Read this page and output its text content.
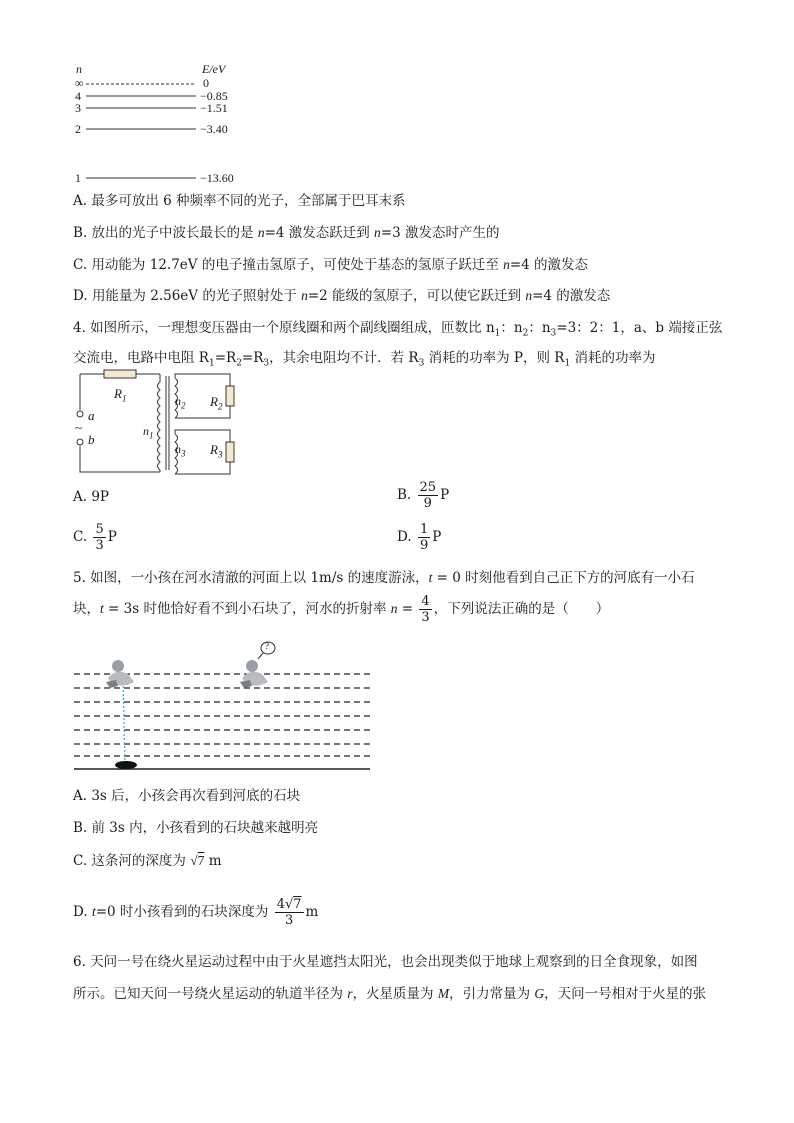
n	E/eV
∞	0
4	−0.85
3	−1.51
2	−3.40
1	−13.60
A. 最多可放出 6 种频率不同的光子，全部属于巴耳末系
B. 放出的光子中波长最长的是 n=4 激发态跃迁到 n=3 激发态时产生的
C. 用动能为 12.7eV 的电子撞击氢原子，可使处于基态的氢原子跃迁至 n=4 的激发态
D. 用能量为 2.56eV 的光子照射处于 n=2 能级的氢原子，可以使它跃迁到 n=4 的激发态
4. 如图所示，一理想变压器由一个原线圈和两个副线圈组成，匝数比 $n_1$：$n_2$：$n_3=3$：2：1，a、b 端接正弦
交流电，电路中电阻 $R_1=R_2=R_3$，其余电阻均不计．若 $R_3$ 消耗的功率为 P，则 $R_1$ 消耗的功率为
$R_1$
a
~
b
$n_1$
$n_2$ $R_2$
$n_3$ $R_3$
A. 9P	B. $\frac{25}{9}$ P
C. $\frac{5}{3}$ P	D. $\frac{1}{9}$ P
5. 如图，一小孩在河水清澈的河面上以 1m/s 的速度游泳，t = 0 时刻他看到自己正下方的河底有一小石
块，t = 3s 时他恰好看不到小石块了，河水的折射率 $n = \frac{4}{3}$ ，下列说法正确的是（　　）
?
A. 3s 后，小孩会再次看到河底的石块
B. 前 3s 内，小孩看到的石块越来越明亮
C. 这条河的深度为 √7 m
D. t=0 时小孩看到的石块深度为 $\frac{4√7}{3}$ m
6. 天问一号在绕火星运动过程中由于火星遮挡太阳光，也会出现类似于地球上观察到的日全食现象，如图
所示。已知天问一号绕火星运动的轨道半径为 r，火星质量为 M，引力常量为 G，天问一号相对于火星的张
